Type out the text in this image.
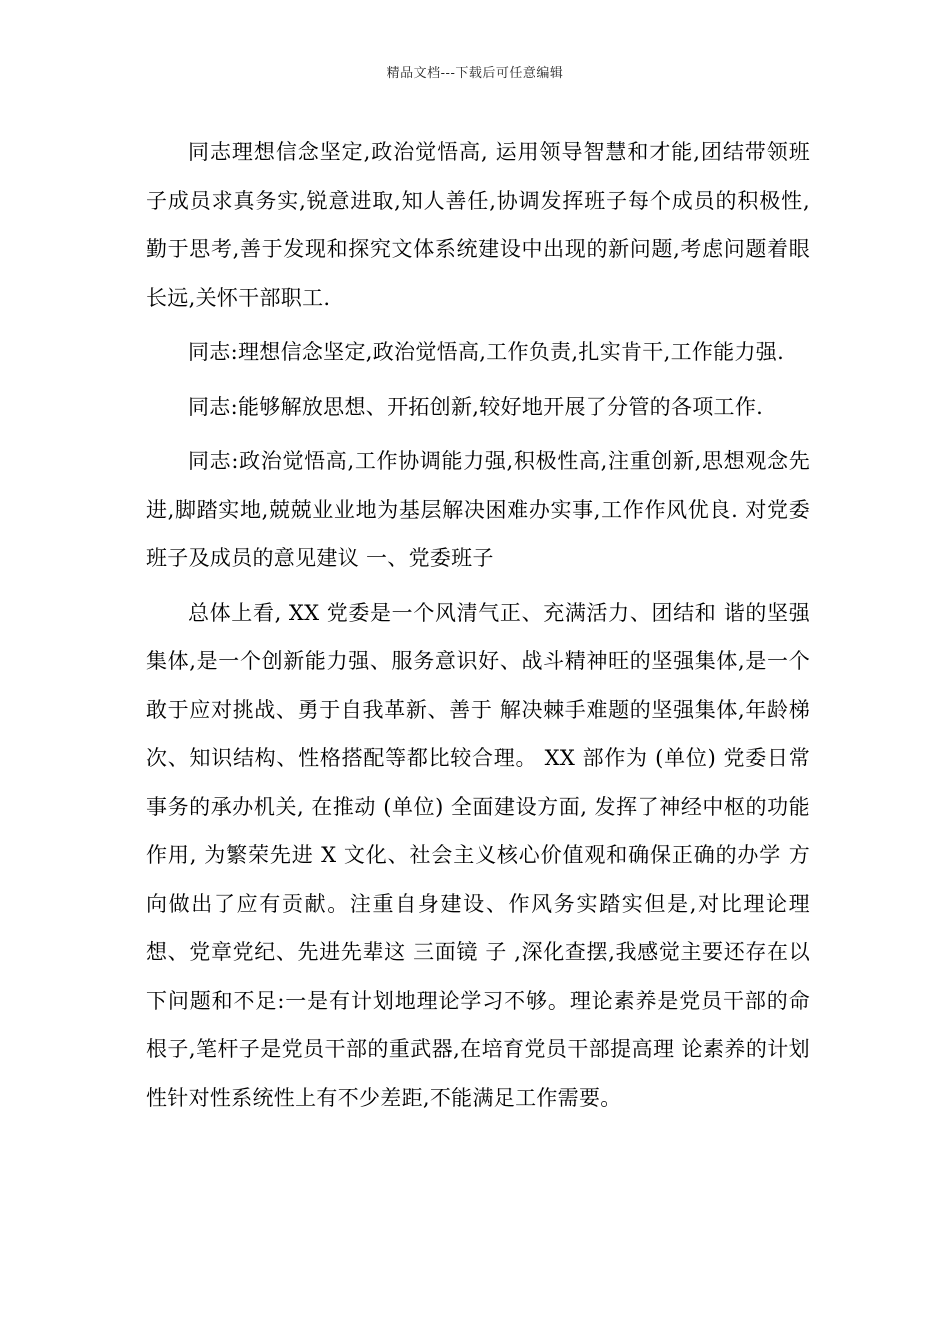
精品文档---下载后可任意编辑

同志理想信念坚定,政治觉悟高, 运用领导智慧和才能,团结带领班子成员求真务实,锐意进取,知人善任,协调发挥班子每个成员的积极性,勤于思考,善于发现和探究文体系统建设中出现的新问题,考虑问题着眼长远,关怀干部职工.

同志:理想信念坚定,政治觉悟高,工作负责,扎实肯干,工作能力强.

同志:能够解放思想、开拓创新,较好地开展了分管的各项工作.

同志:政治觉悟高,工作协调能力强,积极性高,注重创新,思想观念先进,脚踏实地,兢兢业业地为基层解决困难办实事,工作作风优良. 对党委班子及成员的意见建议 一、党委班子

总体上看, XX 党委是一个风清气正、充满活力、团结和 谐的坚强集体,是一个创新能力强、服务意识好、战斗精神旺的坚强集体,是一个敢于应对挑战、勇于自我革新、善于 解决棘手难题的坚强集体,年龄梯次、知识结构、性格搭配等都比较合理。 XX 部作为 (单位) 党委日常事务的承办机关, 在推动 (单位) 全面建设方面, 发挥了神经中枢的功能作用, 为繁荣先进 X 文化、社会主义核心价值观和确保正确的办学 方向做出了应有贡献。注重自身建设、作风务实踏实但是,对比理论理想、党章党纪、先进先辈这 三面镜 子 ,深化查摆,我感觉主要还存在以下问题和不足:一是有计划地理论学习不够。理论素养是党员干部的命 根子,笔杆子是党员干部的重武器,在培育党员干部提高理 论素养的计划性针对性系统性上有不少差距,不能满足工作需要。
